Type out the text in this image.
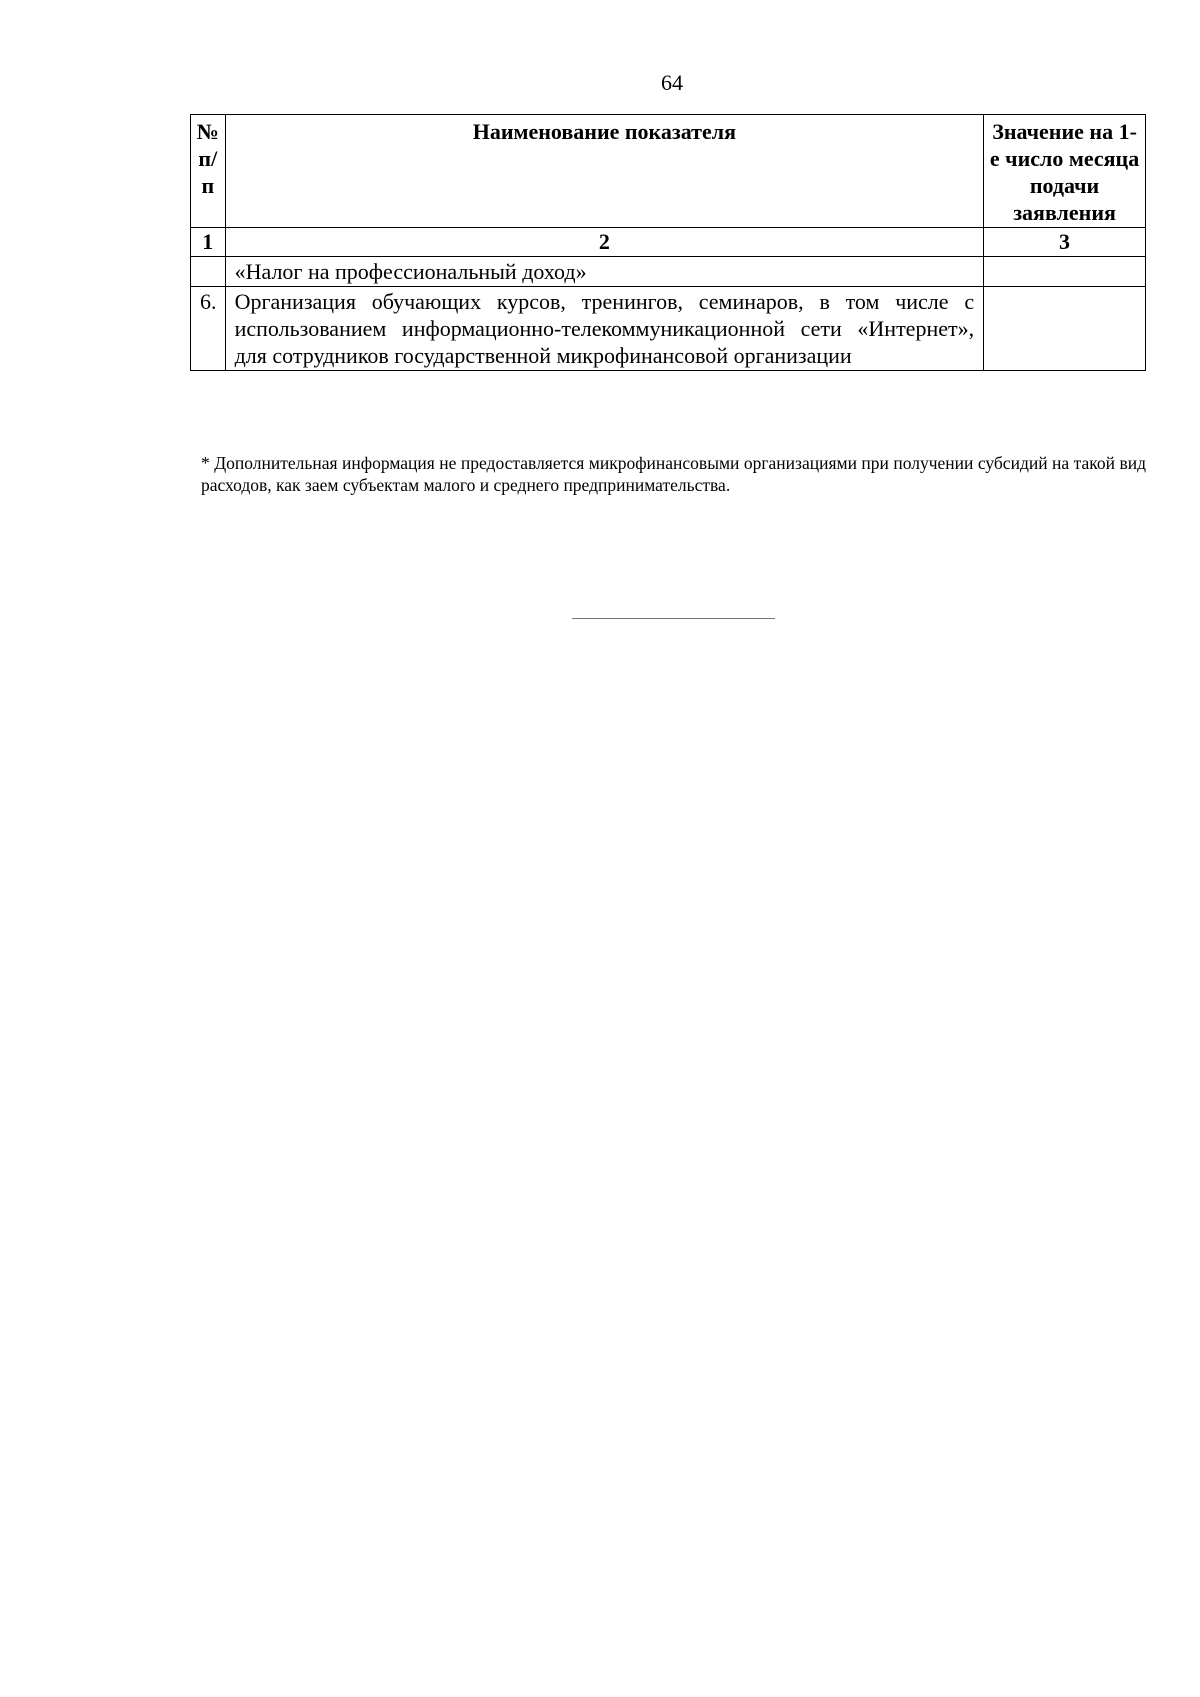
64
№ п/ п	Наименование показателя	Значение на 1-е число месяца подачи заявления
1	2	3
	«Налог на профессиональный доход»	
6.	Организация обучающих курсов, тренингов, семинаров, в том числе с использованием информационно-телекоммуникационной сети «Интернет», для сотрудников государственной микрофинансовой организации	
* Дополнительная информация не предоставляется микрофинансовыми организациями при получении субсидий на такой вид расходов, как заем субъектам малого и среднего предпринимательства.
